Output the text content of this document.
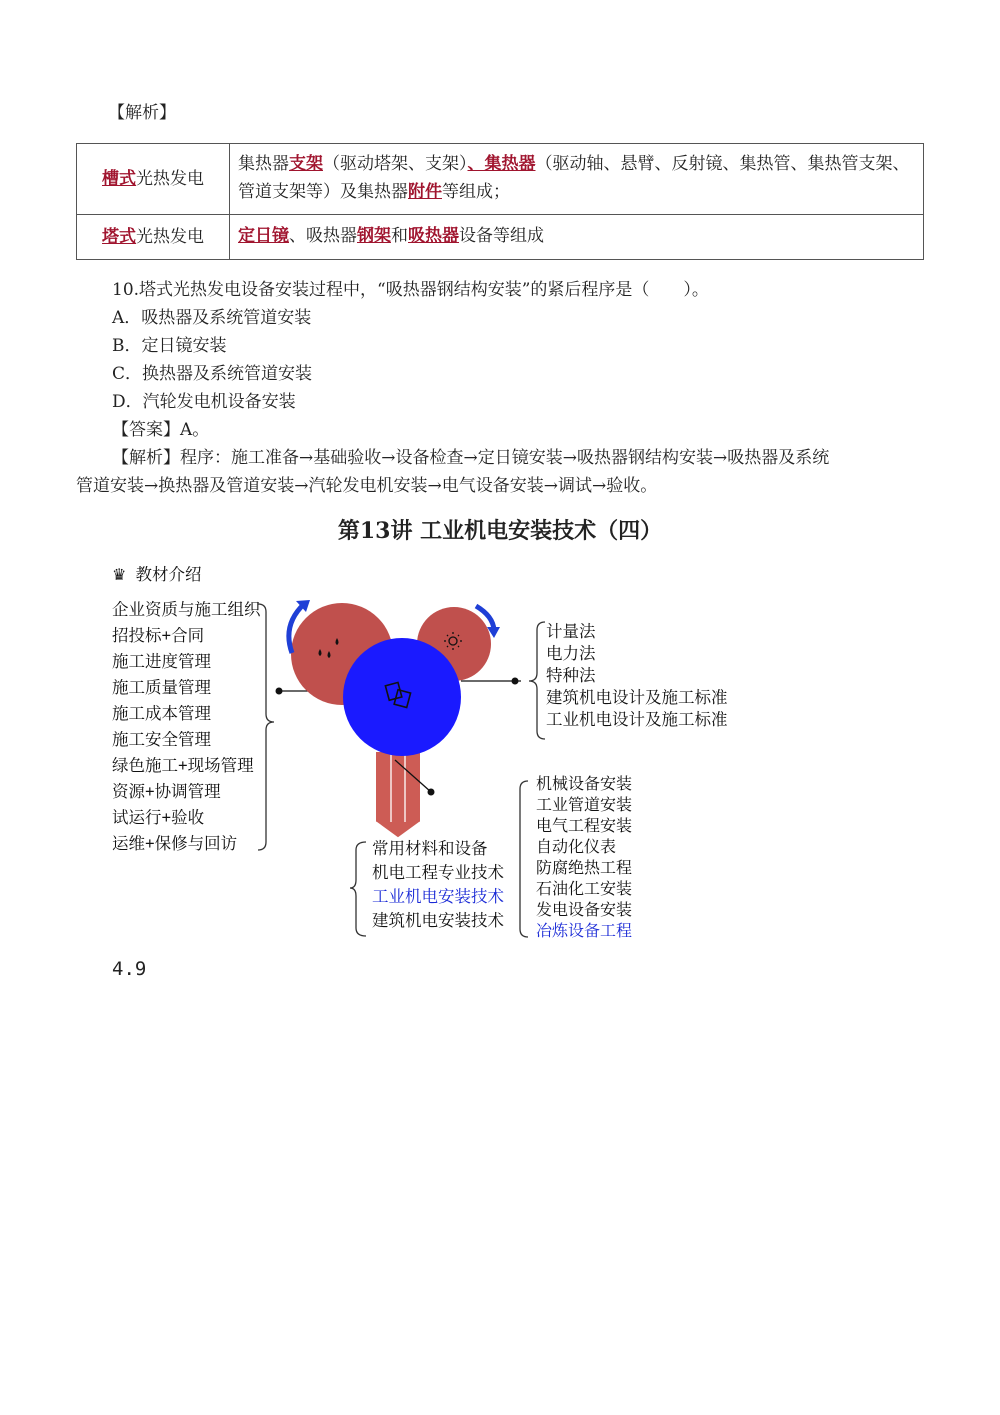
【解析】
槽式光热发电	集热器支架（驱动塔架、支架）、集热器（驱动轴、悬臂、反射镜、集热管、集热管支架、管道支架等）及集热器附件等组成；
塔式光热发电	定日镜、吸热器钢架和吸热器设备等组成
10.塔式光热发电设备安装过程中，“吸热器钢结构安装”的紧后程序是（　　）。
A．吸热器及系统管道安装
B．定日镜安装
C．换热器及系统管道安装
D．汽轮发电机设备安装
【答案】A。
【解析】程序：施工准备→基础验收→设备检查→定日镜安装→吸热器钢结构安装→吸热器及系统
管道安装→换热器及管道安装→汽轮发电机安装→电气设备安装→调试→验收。
第13讲 工业机电安装技术（四）
♛ 教材介绍
企业资质与施工组织
招投标+合同
施工进度管理
施工质量管理
施工成本管理
施工安全管理
绿色施工+现场管理
资源+协调管理
试运行+验收
运维+保修与回访
计量法
电力法
特种法
建筑机电设计及施工标准
工业机电设计及施工标准
常用材料和设备
机电工程专业技术
工业机电安装技术
建筑机电安装技术
机械设备安装
工业管道安装
电气工程安装
自动化仪表
防腐绝热工程
石油化工安装
发电设备安装
冶炼设备工程
4.9
